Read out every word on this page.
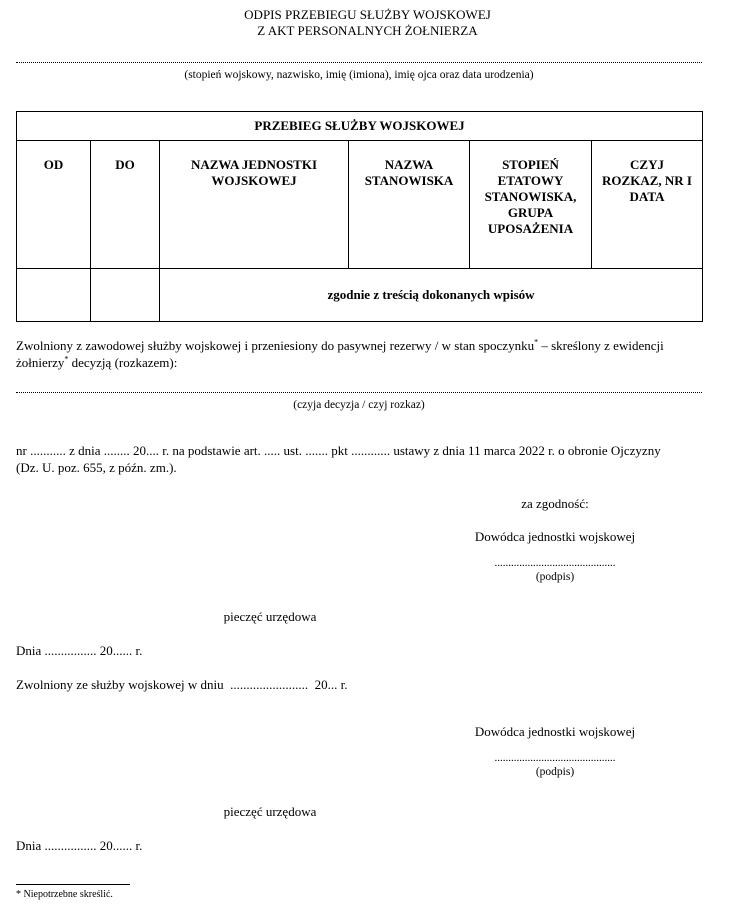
ODPIS PRZEBIEGU SŁUŻBY WOJSKOWEJ
Z AKT PERSONALNYCH ŻOŁNIERZA
(stopień wojskowy, nazwisko, imię (imiona), imię ojca oraz data urodzenia)
PRZEBIEG SŁUŻBY WOJSKOWEJ					
OD	DO	NAZWA JEDNOSTKI WOJSKOWEJ	NAZWA STANOWISKA	STOPIEŃ ETATOWY STANOWISKA, GRUPA UPOSAŻENIA	CZYJ ROZKAZ, NR I DATA
		zgodnie z treścią dokonanych wpisów			
Zwolniony z zawodowej służby wojskowej i przeniesiony do pasywnej rezerwy / w stan spoczynku* – skreślony z ewidencji
żołnierzy* decyzją (rozkazem):
(czyja decyzja / czyj rozkaz)
nr ........... z dnia ........ 20.... r. na podstawie art. ..... ust. ....... pkt ............ ustawy z dnia 11 marca 2022 r. o obronie Ojczyzny
(Dz. U. poz. 655, z późn. zm.).
za zgodność:
Dowódca jednostki wojskowej
............................................
(podpis)
pieczęć urzędowa
Dnia ................ 20...... r.
Zwolniony ze służby wojskowej w dniu  ........................  20... r.
Dowódca jednostki wojskowej
............................................
(podpis)
pieczęć urzędowa
Dnia ................ 20...... r.
* Niepotrzebne skreślić.
